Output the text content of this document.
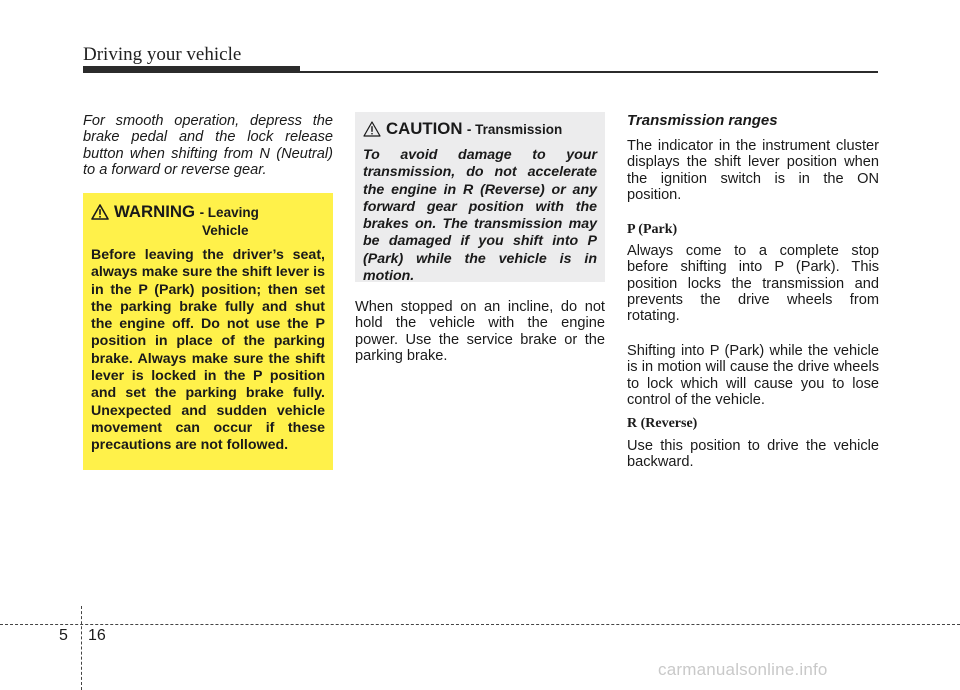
Driving your vehicle
For smooth operation, depress the brake pedal and the lock release button when shifting from N (Neutral) to a forward or reverse gear.
WARNING - Leaving
Vehicle
Before leaving the driver’s seat, always make sure the shift lever is in the P (Park) position; then set the parking brake fully and shut the engine off. Do not use the P position in place of the parking brake. Always make sure the shift lever is locked in the P position and set the parking brake fully. Unexpected and sudden vehicle movement can occur if these precautions are not followed.
CAUTION - Transmission
To avoid damage to your transmission, do not accelerate the engine in R (Reverse) or any forward gear position with the brakes on. The transmission may be damaged if you shift into P (Park) while the vehicle is in motion.
When stopped on an incline, do not hold the vehicle with the engine power. Use the service brake or the parking brake.
Transmission ranges
The indicator in the instrument cluster displays the shift lever position when the ignition switch is in the ON position.
P (Park)
Always come to a complete stop before shifting into P (Park). This position locks the transmission and prevents the drive wheels from rotating.
Shifting into P (Park) while the vehicle is in motion will cause the drive wheels to lock which will cause you to lose control of the vehicle.
R (Reverse)
Use this position to drive the vehicle backward.
5 16
carmanualsonline.info
